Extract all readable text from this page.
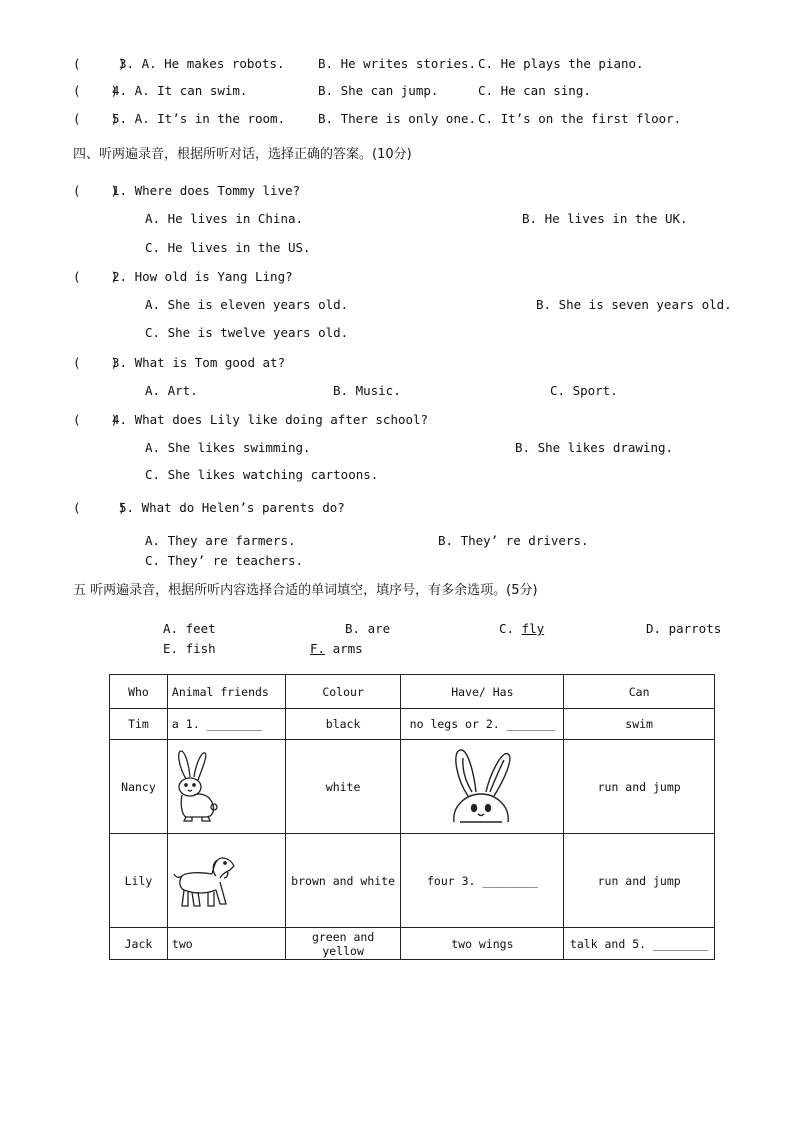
(     )
3. A. He makes robots.	B. He writes stories. C. He plays the piano.
(    )
4. A. It can swim.	B. She can jump.	C. He can sing.
(    )
5. A. It’s in the room.	B. There is only one. C. It’s on the first floor.
四、听两遍录音，根据所听对话，选择正确的答案。(10分)
(    )
1. Where does Tommy live?
A. He lives in China.	B. He lives in the UK.
C. He lives in the US.
(    )
2. How old is Yang Ling?
A. She is eleven years old.	B. She is seven years old.
C. She is twelve years old.
(    )
3. What is Tom good at?
A. Art.	B. Music.	C. Sport.
(    )
4. What does Lily like doing after school?
A. She likes swimming.	B. She likes drawing.
C. She likes watching cartoons.
(     )
5. What do Helen’s parents do?
A. They are farmers.	B. They’ re drivers.
C. They’ re teachers.
五 听两遍录音，根据所听内容选择合适的单词填空，填序号，有多余选项。(5分)
A. feet	B. are	C. fly	D. parrots
E. fish	F. arms
Who	Animal friends	Colour	Have/ Has	Can
Tim	a 1. ________	black	no legs or 2. _______	swim
Nancy		white		run and jump
Lily		brown and white	four 3. ________	run and jump
Jack	two	green and yellow	two wings	talk and 5. ________
